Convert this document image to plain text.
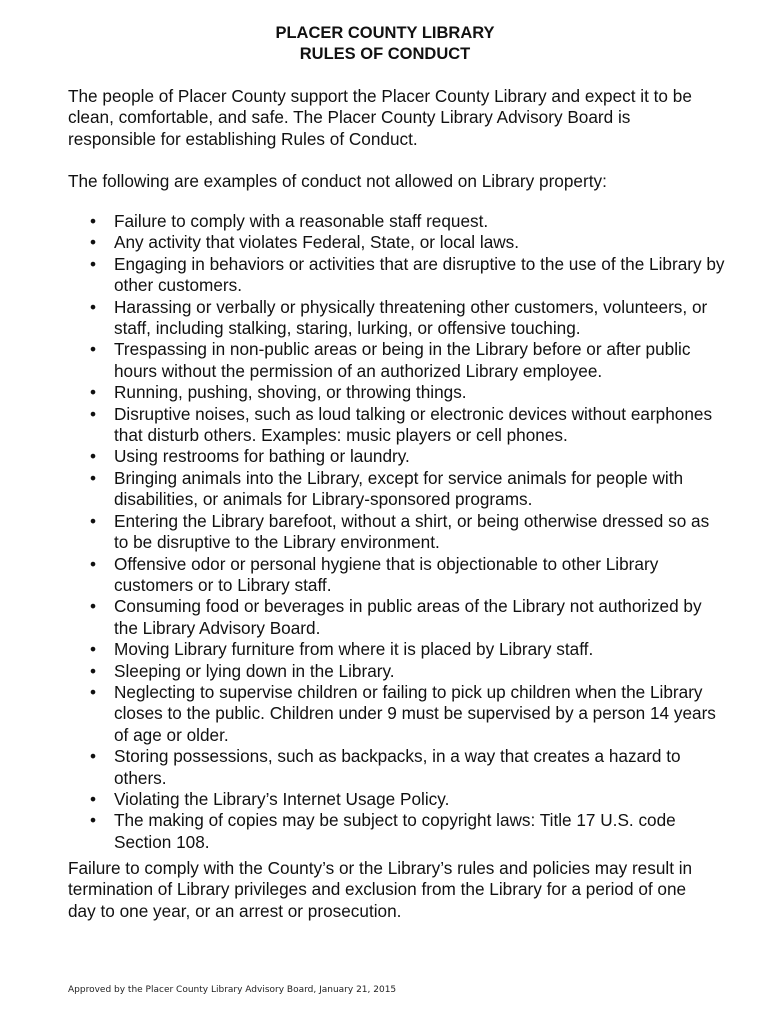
PLACER COUNTY LIBRARY
RULES OF CONDUCT

The people of Placer County support the Placer County Library and expect it to be clean, comfortable, and safe. The Placer County Library Advisory Board is responsible for establishing Rules of Conduct.

The following are examples of conduct not allowed on Library property:

• Failure to comply with a reasonable staff request.
• Any activity that violates Federal, State, or local laws.
• Engaging in behaviors or activities that are disruptive to the use of the Library by other customers.
• Harassing or verbally or physically threatening other customers, volunteers, or staff, including stalking, staring, lurking, or offensive touching.
• Trespassing in non-public areas or being in the Library before or after public hours without the permission of an authorized Library employee.
• Running, pushing, shoving, or throwing things.
• Disruptive noises, such as loud talking or electronic devices without earphones that disturb others. Examples: music players or cell phones.
• Using restrooms for bathing or laundry.
• Bringing animals into the Library, except for service animals for people with disabilities, or animals for Library-sponsored programs.
• Entering the Library barefoot, without a shirt, or being otherwise dressed so as to be disruptive to the Library environment.
• Offensive odor or personal hygiene that is objectionable to other Library customers or to Library staff.
• Consuming food or beverages in public areas of the Library not authorized by the Library Advisory Board.
• Moving Library furniture from where it is placed by Library staff.
• Sleeping or lying down in the Library.
• Neglecting to supervise children or failing to pick up children when the Library closes to the public. Children under 9 must be supervised by a person 14 years of age or older.
• Storing possessions, such as backpacks, in a way that creates a hazard to others.
• Violating the Library’s Internet Usage Policy.
• The making of copies may be subject to copyright laws: Title 17 U.S. code Section 108.

Failure to comply with the County’s or the Library’s rules and policies may result in termination of Library privileges and exclusion from the Library for a period of one day to one year, or an arrest or prosecution.

Approved by the Placer County Library Advisory Board, January 21, 2015
